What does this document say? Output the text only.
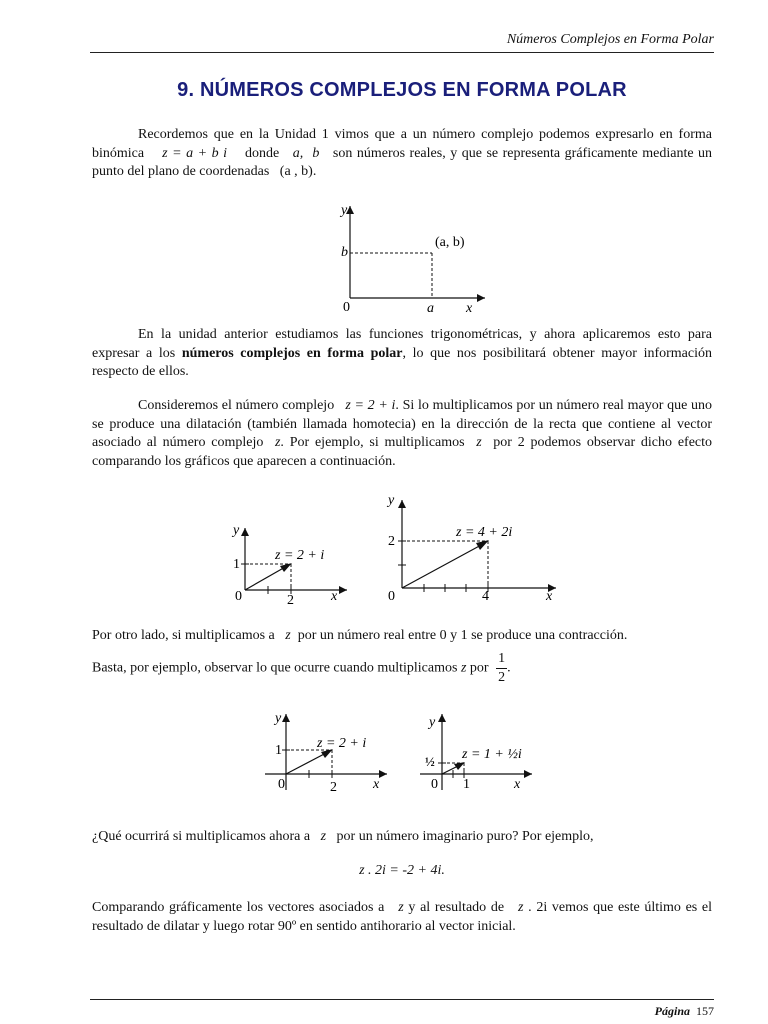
Números Complejos en Forma Polar
9. NÚMEROS COMPLEJOS EN FORMA POLAR
Recordemos que en la Unidad 1 vimos que a un número complejo podemos expresarlo en forma binómica z = a + b i donde a, b son números reales, y que se representa gráficamente mediante un punto del plano de coordenadas (a , b).
y
b
(a, b)
0	a x
En la unidad anterior estudiamos las funciones trigonométricas, y ahora aplicaremos esto para expresar a los números complejos en forma polar, lo que nos posibilitará obtener mayor información respecto de ellos.
Consideremos el número complejo z = 2 + i. Si lo multiplicamos por un número real mayor que uno se produce una dilatación (también llamada homotecia) en la dirección de la recta que contiene al vector asociado al número complejo z. Por ejemplo, si multiplicamos z por 2 podemos observar dicho efecto comparando los gráficos que aparecen a continuación.
y
1
0	2	x
z = 2 + i
y
2
0	4	x
z = 4 + 2i
Por otro lado, si multiplicamos a z por un número real entre 0 y 1 se produce una contracción.
Basta, por ejemplo, observar lo que ocurre cuando multiplicamos z por $\frac{1}{2}$ .
y
1
0	2	x
z = 2 + i
y
½
0 1	x
z = 1 + ½i
¿Qué ocurrirá si multiplicamos ahora a z por un número imaginario puro? Por ejemplo,
z . 2i = -2 + 4i.
Comparando gráficamente los vectores asociados a z y al resultado de z . 2i vemos que este último es el resultado de dilatar y luego rotar 90º en sentido antihorario al vector inicial.
Página 157
